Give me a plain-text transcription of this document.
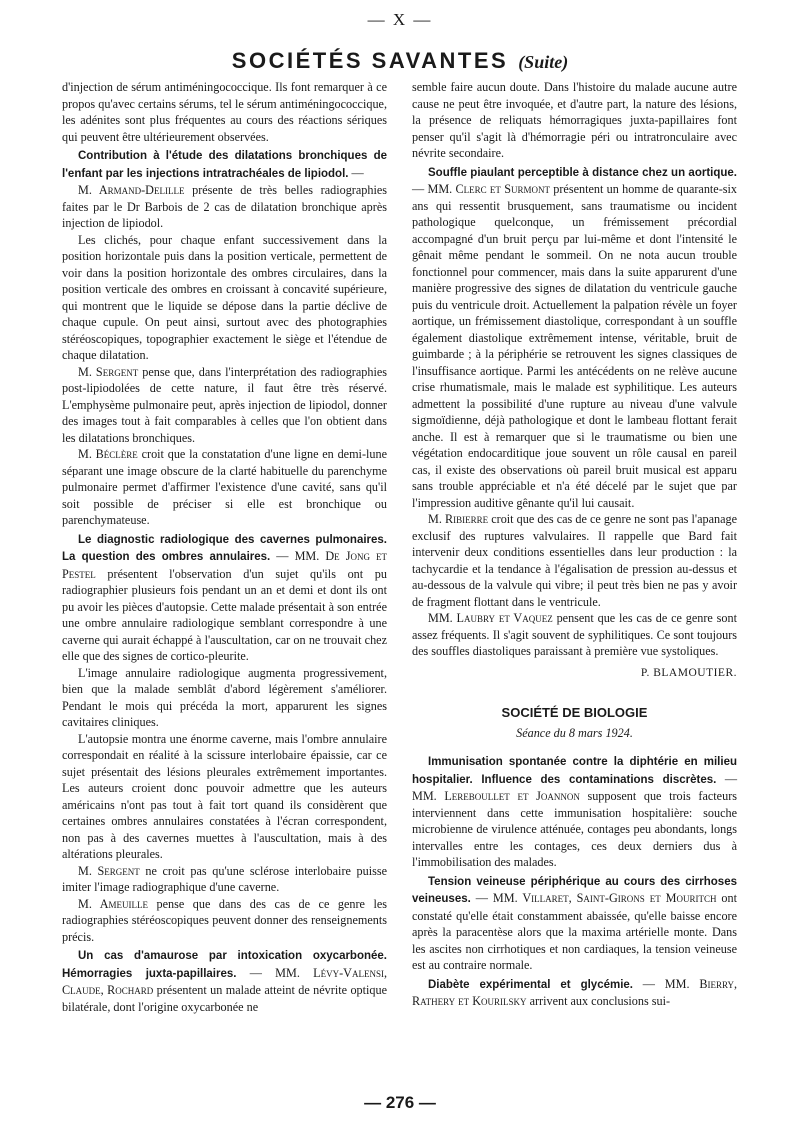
— X —
SOCIÉTÉS SAVANTES (Suite)

d'injection de sérum antiméningococcique. Ils font remarquer à ce propos qu'avec certains sérums, tel le sérum antiméningococcique, les adénites sont plus fréquentes au cours des réactions sériques qui peuvent être ultérieurement observées.

Contribution à l'étude des dilatations bronchiques de l'enfant par les injections intratrachéales de lipiodol. —

M. Armand-Delille présente de très belles radiographies faites par le Dr Barbois de 2 cas de dilatation bronchique après injection de lipiodol.

Les clichés, pour chaque enfant successivement dans la position horizontale puis dans la position verticale, permettent de voir dans la position horizontale des ombres circulaires, dans la position verticale des ombres en croissant à concavité supérieure, qui montrent que le liquide se dépose dans la partie déclive de chaque cupule. On peut ainsi, surtout avec des photographies stéréoscopiques, topographier exactement le siège et l'étendue de chaque dilatation.

M. Sergent pense que, dans l'interprétation des radiographies post-lipiodolées de cette nature, il faut être très réservé. L'emphysème pulmonaire peut, après injection de lipiodol, donner des images tout à fait comparables à celles que l'on obtient dans les dilatations bronchiques.

M. Béclère croit que la constatation d'une ligne en demi-lune séparant une image obscure de la clarté habituelle du parenchyme pulmonaire permet d'affirmer l'existence d'une cavité, sans qu'il soit possible de préciser si elle est bronchique ou parenchymateuse.

Le diagnostic radiologique des cavernes pulmonaires. La question des ombres annulaires. — MM. De Jong et Pestel présentent l'observation d'un sujet qu'ils ont pu radiographier plusieurs fois pendant un an et demi et dont ils ont pu avoir les pièces d'autopsie. Cette malade présentait à son entrée une ombre annulaire radiologique semblant correspondre à une caverne qui aurait échappé à l'auscultation, car on ne trouvait chez elle que des signes de cortico-pleurite.

L'image annulaire radiologique augmenta progressivement, bien que la malade semblât d'abord légèrement s'améliorer. Pendant le mois qui précéda la mort, apparurent les signes cavitaires cliniques.

L'autopsie montra une énorme caverne, mais l'ombre annulaire correspondait en réalité à la scissure interlobaire épaissie, car ce sujet présentait des lésions pleurales extrêmement importantes. Les auteurs croient donc pouvoir admettre que les auteurs américains n'ont pas tout à fait tort quand ils considèrent que certaines ombres annulaires constatées à l'écran correspondent, non pas à des cavernes muettes à l'auscultation, mais à des altérations pleurales.

M. Sergent ne croit pas qu'une sclérose interlobaire puisse imiter l'image radiographique d'une caverne.

M. Ameuille pense que dans des cas de ce genre les radiographies stéréoscopiques peuvent donner des renseignements précis.

Un cas d'amaurose par intoxication oxycarbonée. Hémorragies juxta-papillaires. — MM. Lévy-Valensi, Claude, Rochard présentent un malade atteint de névrite optique bilatérale, dont l'origine oxycarbonée ne

semble faire aucun doute. Dans l'histoire du malade aucune autre cause ne peut être invoquée, et d'autre part, la nature des lésions, la présence de reliquats hémorragiques juxta-papillaires font penser qu'il s'agit là d'hémorragie péri ou intratronculaire avec névrite secondaire.

Souffle piaulant perceptible à distance chez un aortique. — MM. Clerc et Surmont présentent un homme de quarante-six ans qui ressentit brusquement, sans traumatisme ou incident pathologique quelconque, un frémissement précordial accompagné d'un bruit perçu par lui-même et dont l'intensité le gênait même pendant le sommeil. On ne nota aucun trouble fonctionnel pour commencer, mais dans la suite apparurent d'une manière progressive des signes de dilatation du ventricule gauche puis du ventricule droit. Actuellement la palpation révèle un foyer aortique, un frémissement diastolique, correspondant à un souffle également diastolique extrêmement intense, véritable, bruit de guimbarde ; à la périphérie se retrouvent les signes classiques de l'insuffisance aortique. Parmi les antécédents on ne relève aucune crise rhumatismale, mais le malade est syphilitique. Les auteurs admettent la possibilité d'une rupture au niveau d'une valvule sigmoïdienne, déjà pathologique et dont le lambeau flottant ferait anche. Il est à remarquer que si le traumatisme ou bien une végétation endocarditique joue souvent un rôle causal en pareil cas, il existe des observations où pareil bruit musical est apparu sans trouble appréciable et n'a été décelé par le sujet que par l'impression auditive gênante qu'il lui causait.

M. Ribierre croit que des cas de ce genre ne sont pas l'apanage exclusif des ruptures valvulaires. Il rappelle que Bard fait intervenir deux conditions essentielles dans leur production : la tachycardie et la tendance à l'égalisation de pression au-dessus et au-dessous de la valvule qui vibre; il peut très bien ne pas y avoir de fragment flottant dans le ventricule.

MM. Laubry et Vaquez pensent que les cas de ce genre sont assez fréquents. Il s'agit souvent de syphilitiques. Ce sont toujours des souffles diastoliques paraissant à première vue systoliques.

P. BLAMOUTIER.
SOCIÉTÉ DE BIOLOGIE
Séance du 8 mars 1924.

Immunisation spontanée contre la diphtérie en milieu hospitalier. Influence des contaminations discrètes. — MM. Lereboullet et Joannon supposent que trois facteurs interviennent dans cette immunisation hospitalière: souche microbienne de virulence atténuée, contages peu abondants, longs intervalles entre les contages, ces deux derniers dus à l'immobilisation des malades.

Tension veineuse périphérique au cours des cirrhoses veineuses. — MM. Villaret, Saint-Girons et Mouritch ont constaté qu'elle était constamment abaissée, qu'elle baisse encore après la paracentèse alors que la maxima artérielle monte. Dans les ascites non cirrhotiques et non cardiaques, la tension veineuse est au contraire normale.

Diabète expérimental et glycémie. — MM. Bierry, Rathery et Kourilsky arrivent aux conclusions sui-

— 276 —
